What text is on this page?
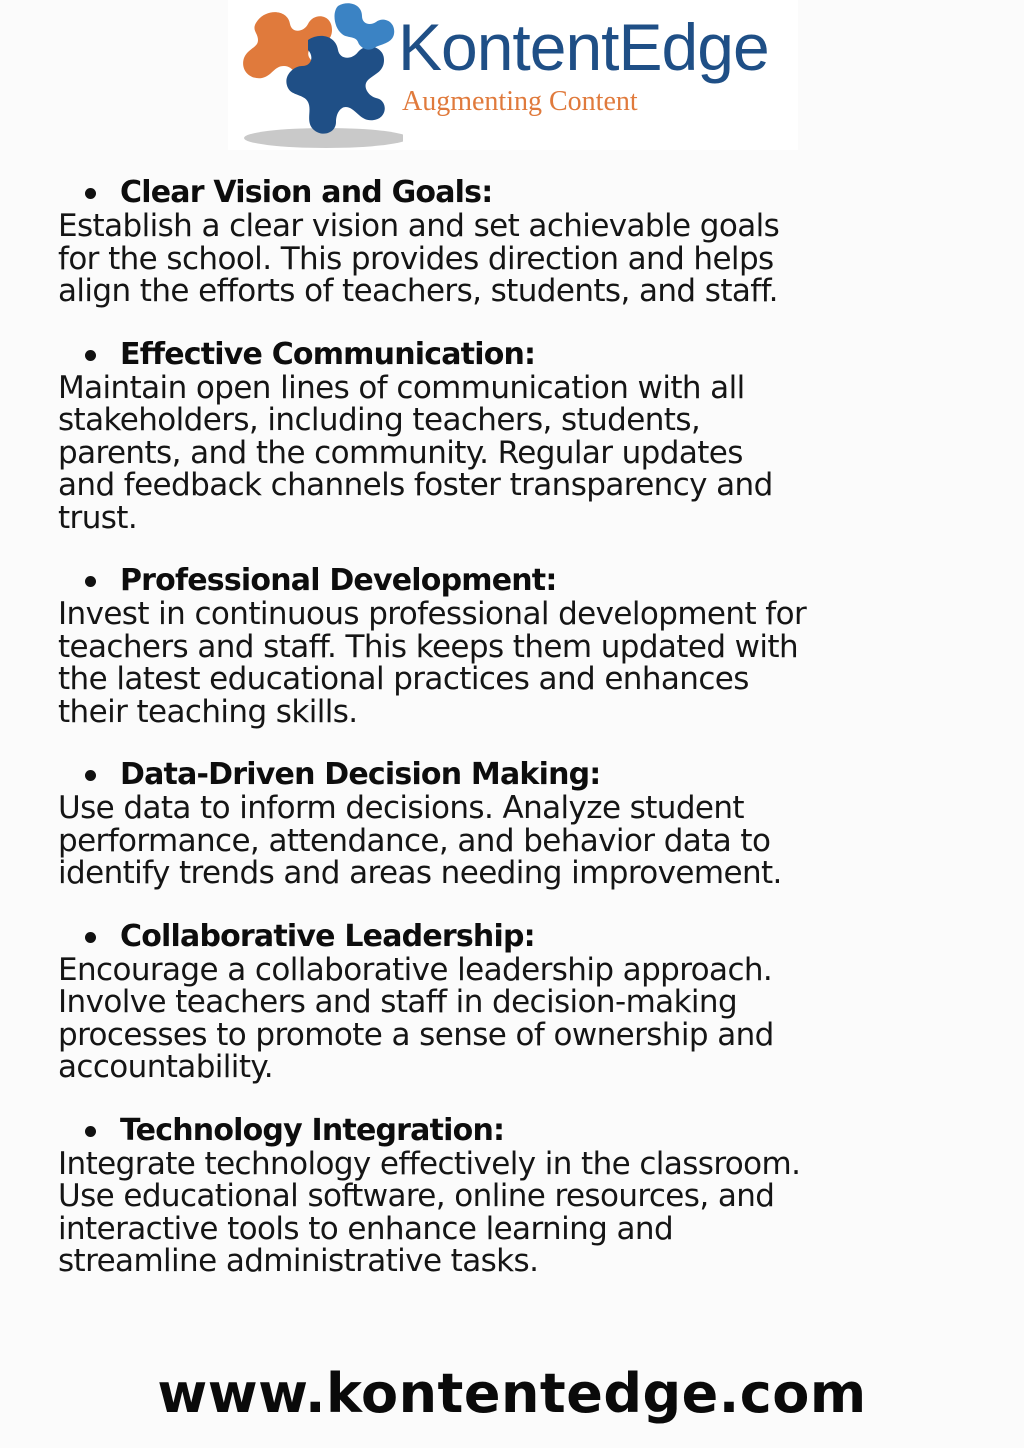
KontentEdge
Augmenting Content
Clear Vision and Goals:
Establish a clear vision and set achievable goals
for the school. This provides direction and helps
align the efforts of teachers, students, and staff.
Effective Communication:
Maintain open lines of communication with all
stakeholders, including teachers, students,
parents, and the community. Regular updates
and feedback channels foster transparency and
trust.
Professional Development:
Invest in continuous professional development for
teachers and staff. This keeps them updated with
the latest educational practices and enhances
their teaching skills.
Data-Driven Decision Making:
Use data to inform decisions. Analyze student
performance, attendance, and behavior data to
identify trends and areas needing improvement.
Collaborative Leadership:
Encourage a collaborative leadership approach.
Involve teachers and staff in decision-making
processes to promote a sense of ownership and
accountability.
Technology Integration:
Integrate technology effectively in the classroom.
Use educational software, online resources, and
interactive tools to enhance learning and
streamline administrative tasks.
www.kontentedge.com
